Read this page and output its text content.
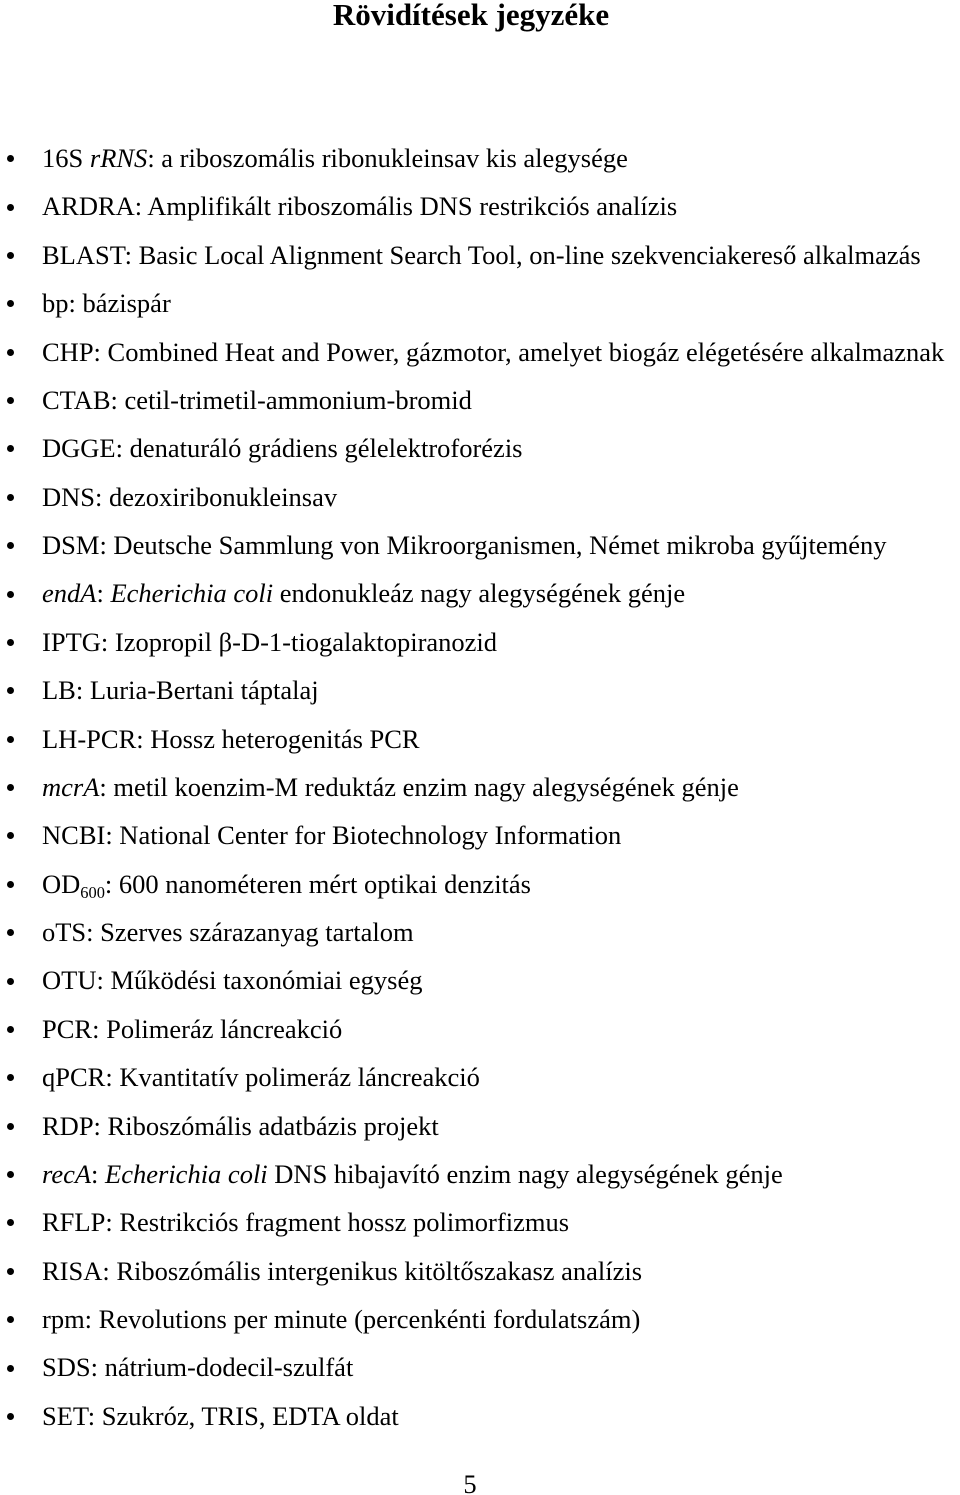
Rövidítések jegyzéke
16S rRNS: a riboszomális ribonukleinsav kis alegysége
ARDRA: Amplifikált riboszomális DNS restrikciós analízis
BLAST: Basic Local Alignment Search Tool, on-line szekvenciakereső alkalmazás
bp: bázispár
CHP: Combined Heat and Power, gázmotor, amelyet biogáz elégetésére alkalmaznak
CTAB: cetil-trimetil-ammonium-bromid
DGGE: denaturáló grádiens gélelektroforézis
DNS: dezoxiribonukleinsav
DSM: Deutsche Sammlung von Mikroorganismen, Német mikroba gyűjtemény
endA: Echerichia coli endonukleáz nagy alegységének génje
IPTG: Izopropil β-D-1-tiogalaktopiranozid
LB: Luria-Bertani táptalaj
LH-PCR: Hossz heterogenitás PCR
mcrA: metil koenzim-M reduktáz enzim nagy alegységének génje
NCBI: National Center for Biotechnology Information
OD600: 600 nanométeren mért optikai denzitás
oTS: Szerves szárazanyag tartalom
OTU: Működési taxonómiai egység
PCR: Polimeráz láncreakció
qPCR: Kvantitatív polimeráz láncreakció
RDP: Riboszómális adatbázis projekt
recA: Echerichia coli DNS hibajavító enzim nagy alegységének génje
RFLP: Restrikciós fragment hossz polimorfizmus
RISA: Riboszómális intergenikus kitöltőszakasz analízis
rpm: Revolutions per minute (percenkénti fordulatszám)
SDS: nátrium-dodecil-szulfát
SET: Szukróz, TRIS, EDTA oldat
5
